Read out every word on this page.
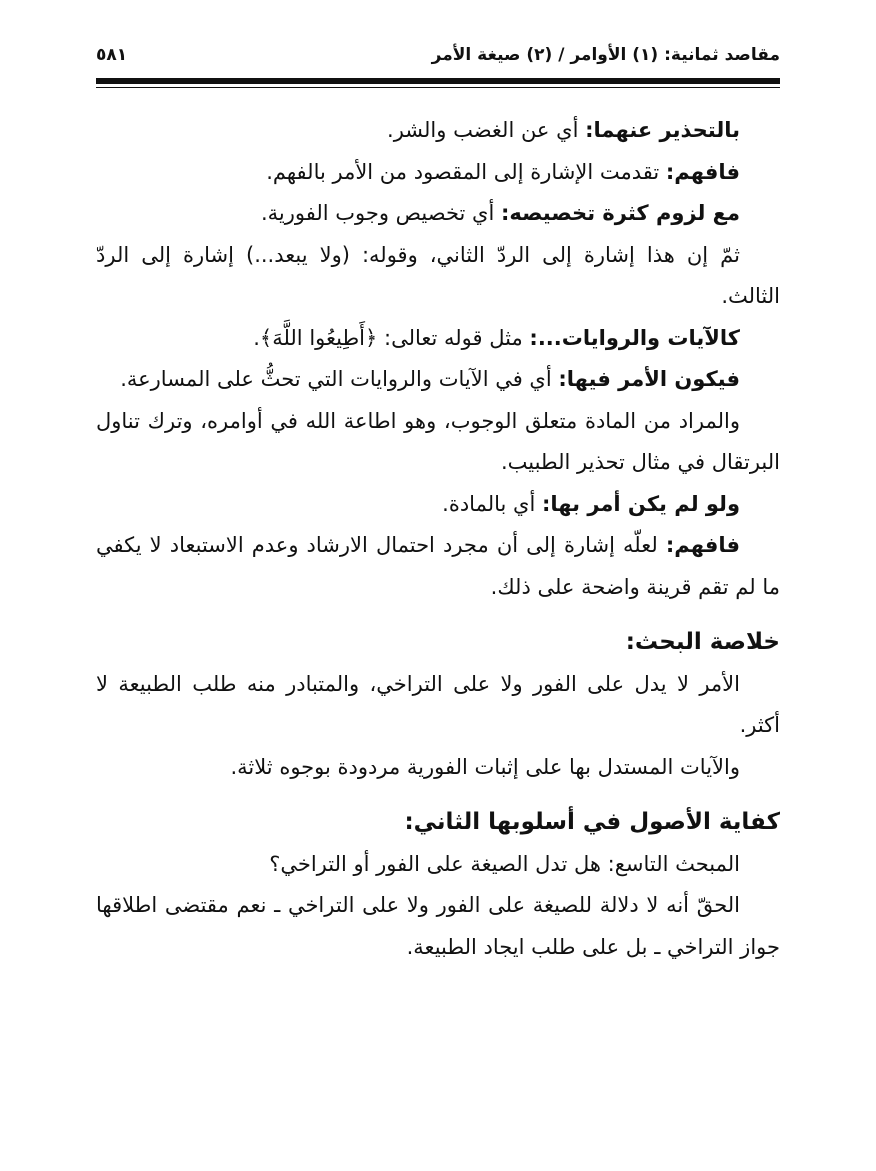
مقاصد ثمانية: (١) الأوامر / (٢) صيغة الأمر
٥٨١

بالتحذير عنهما: أي عن الغضب والشر.

فافهم: تقدمت الإشارة إلى المقصود من الأمر بالفهم.

مع لزوم كثرة تخصيصه: أي تخصيص وجوب الفورية.

ثمّ إن هذا إشارة إلى الردّ الثاني، وقوله: (ولا يبعد...) إشارة إلى الردّ الثالث.

كالآيات والروايات...: مثل قوله تعالى: ﴿أَطِيعُوا اللَّهَ﴾.

فيكون الأمر فيها: أي في الآيات والروايات التي تحثُّ على المسارعة.

والمراد من المادة متعلق الوجوب، وهو اطاعة الله في أوامره، وترك تناول البرتقال في مثال تحذير الطبيب.

ولو لم يكن أمر بها: أي بالمادة.

فافهم: لعلّه إشارة إلى أن مجرد احتمال الارشاد وعدم الاستبعاد لا يكفي ما لم تقم قرينة واضحة على ذلك.

خلاصة البحث:

الأمر لا يدل على الفور ولا على التراخي، والمتبادر منه طلب الطبيعة لا أكثر.

والآيات المستدل بها على إثبات الفورية مردودة بوجوه ثلاثة.

كفاية الأصول في أسلوبها الثاني:

المبحث التاسع: هل تدل الصيغة على الفور أو التراخي؟

الحقّ أنه لا دلالة للصيغة على الفور ولا على التراخي ـ نعم مقتضى اطلاقها جواز التراخي ـ بل على طلب ايجاد الطبيعة.
